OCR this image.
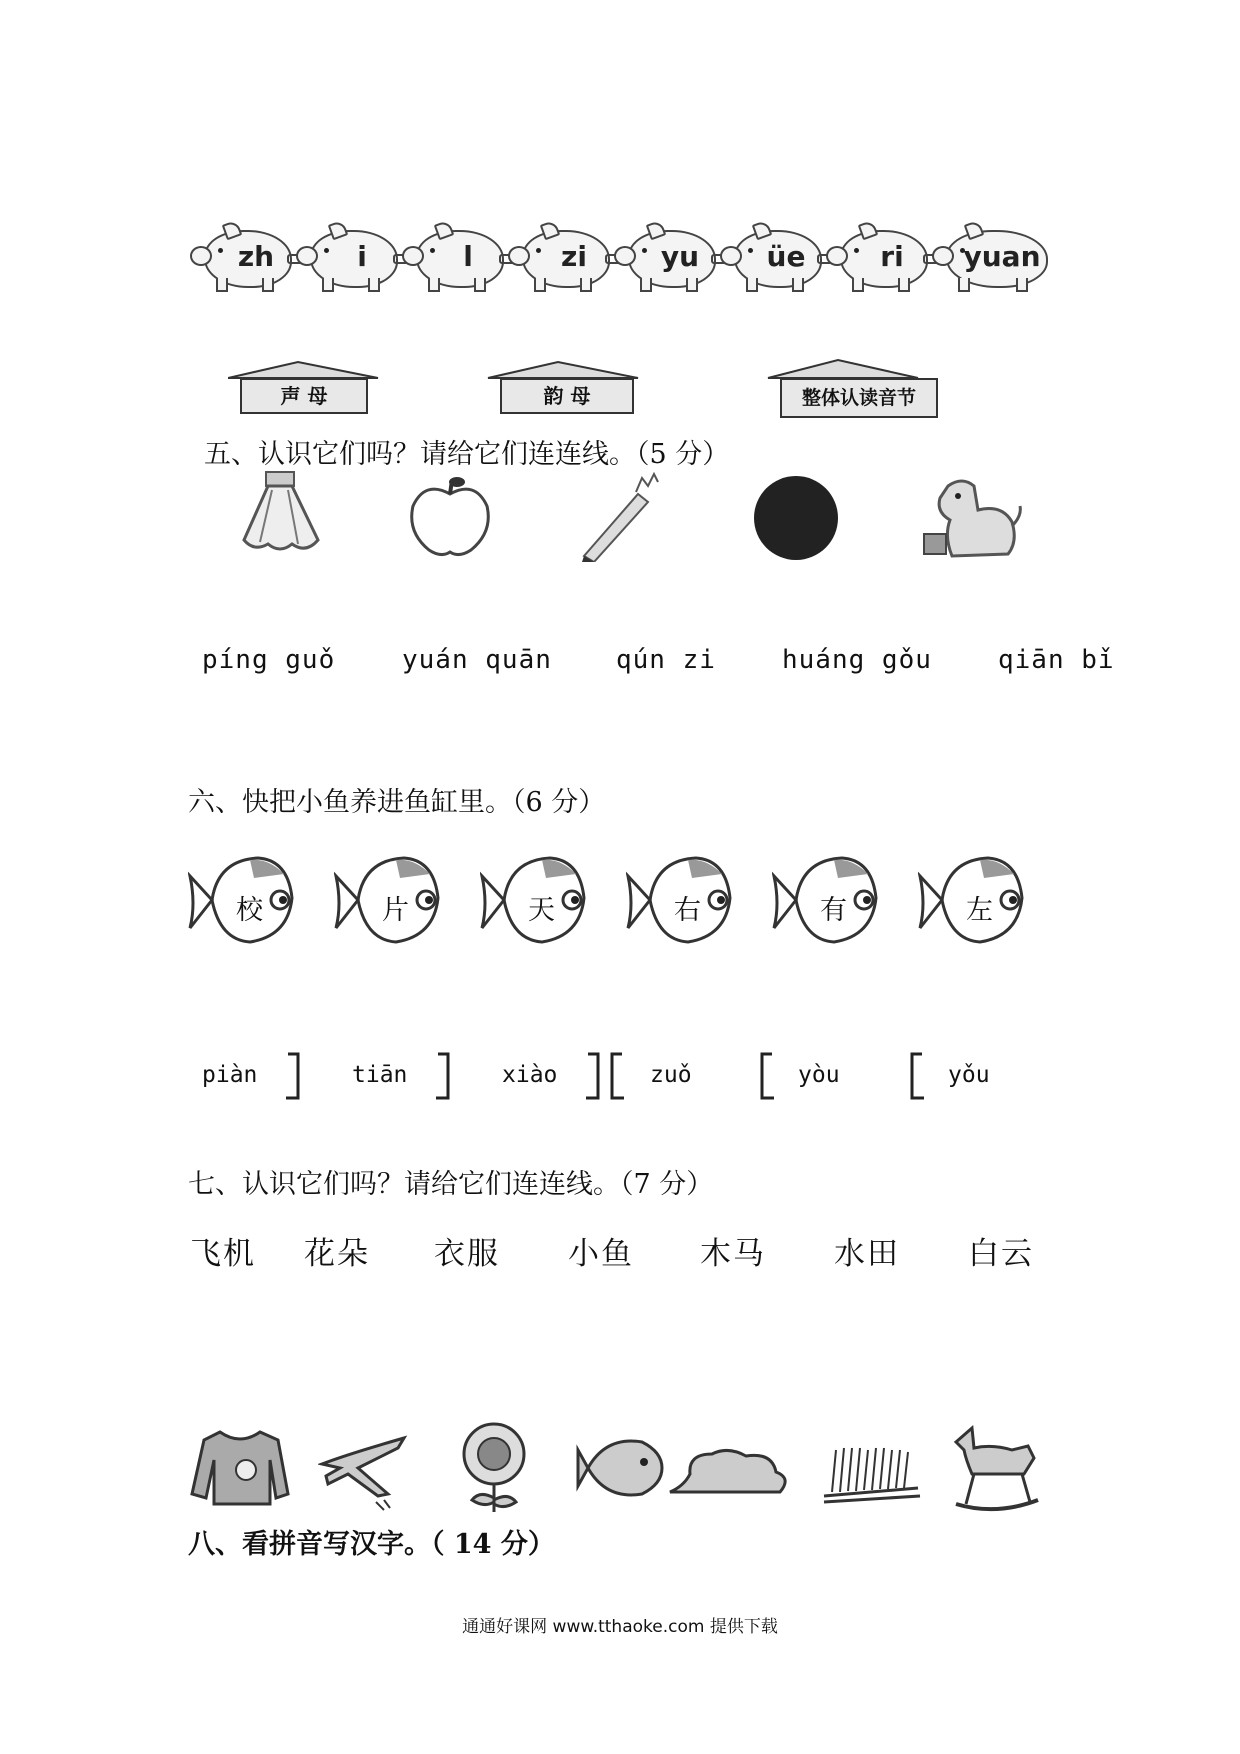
zh	i	l	zi	yu	üe	ri	yuan
声 母	韵 母	整体认读音节
五、认识它们吗？请给它们连连线。（5 分）
píng guǒ	yuán quān qún zi	huáng gǒu	qiān bǐ
六、快把小鱼养进鱼缸里。（6 分）
校	片	天	右	有	左
piàn	tiān	xiào	zuǒ	yòu	yǒu
七、认识它们吗？请给它们连连线。（7 分）
飞机 花朵 衣服 小鱼 木马 水田 白云
八、看拼音写汉字。（ 14 分）
通通好课网 www.tthaoke.com 提供下载
